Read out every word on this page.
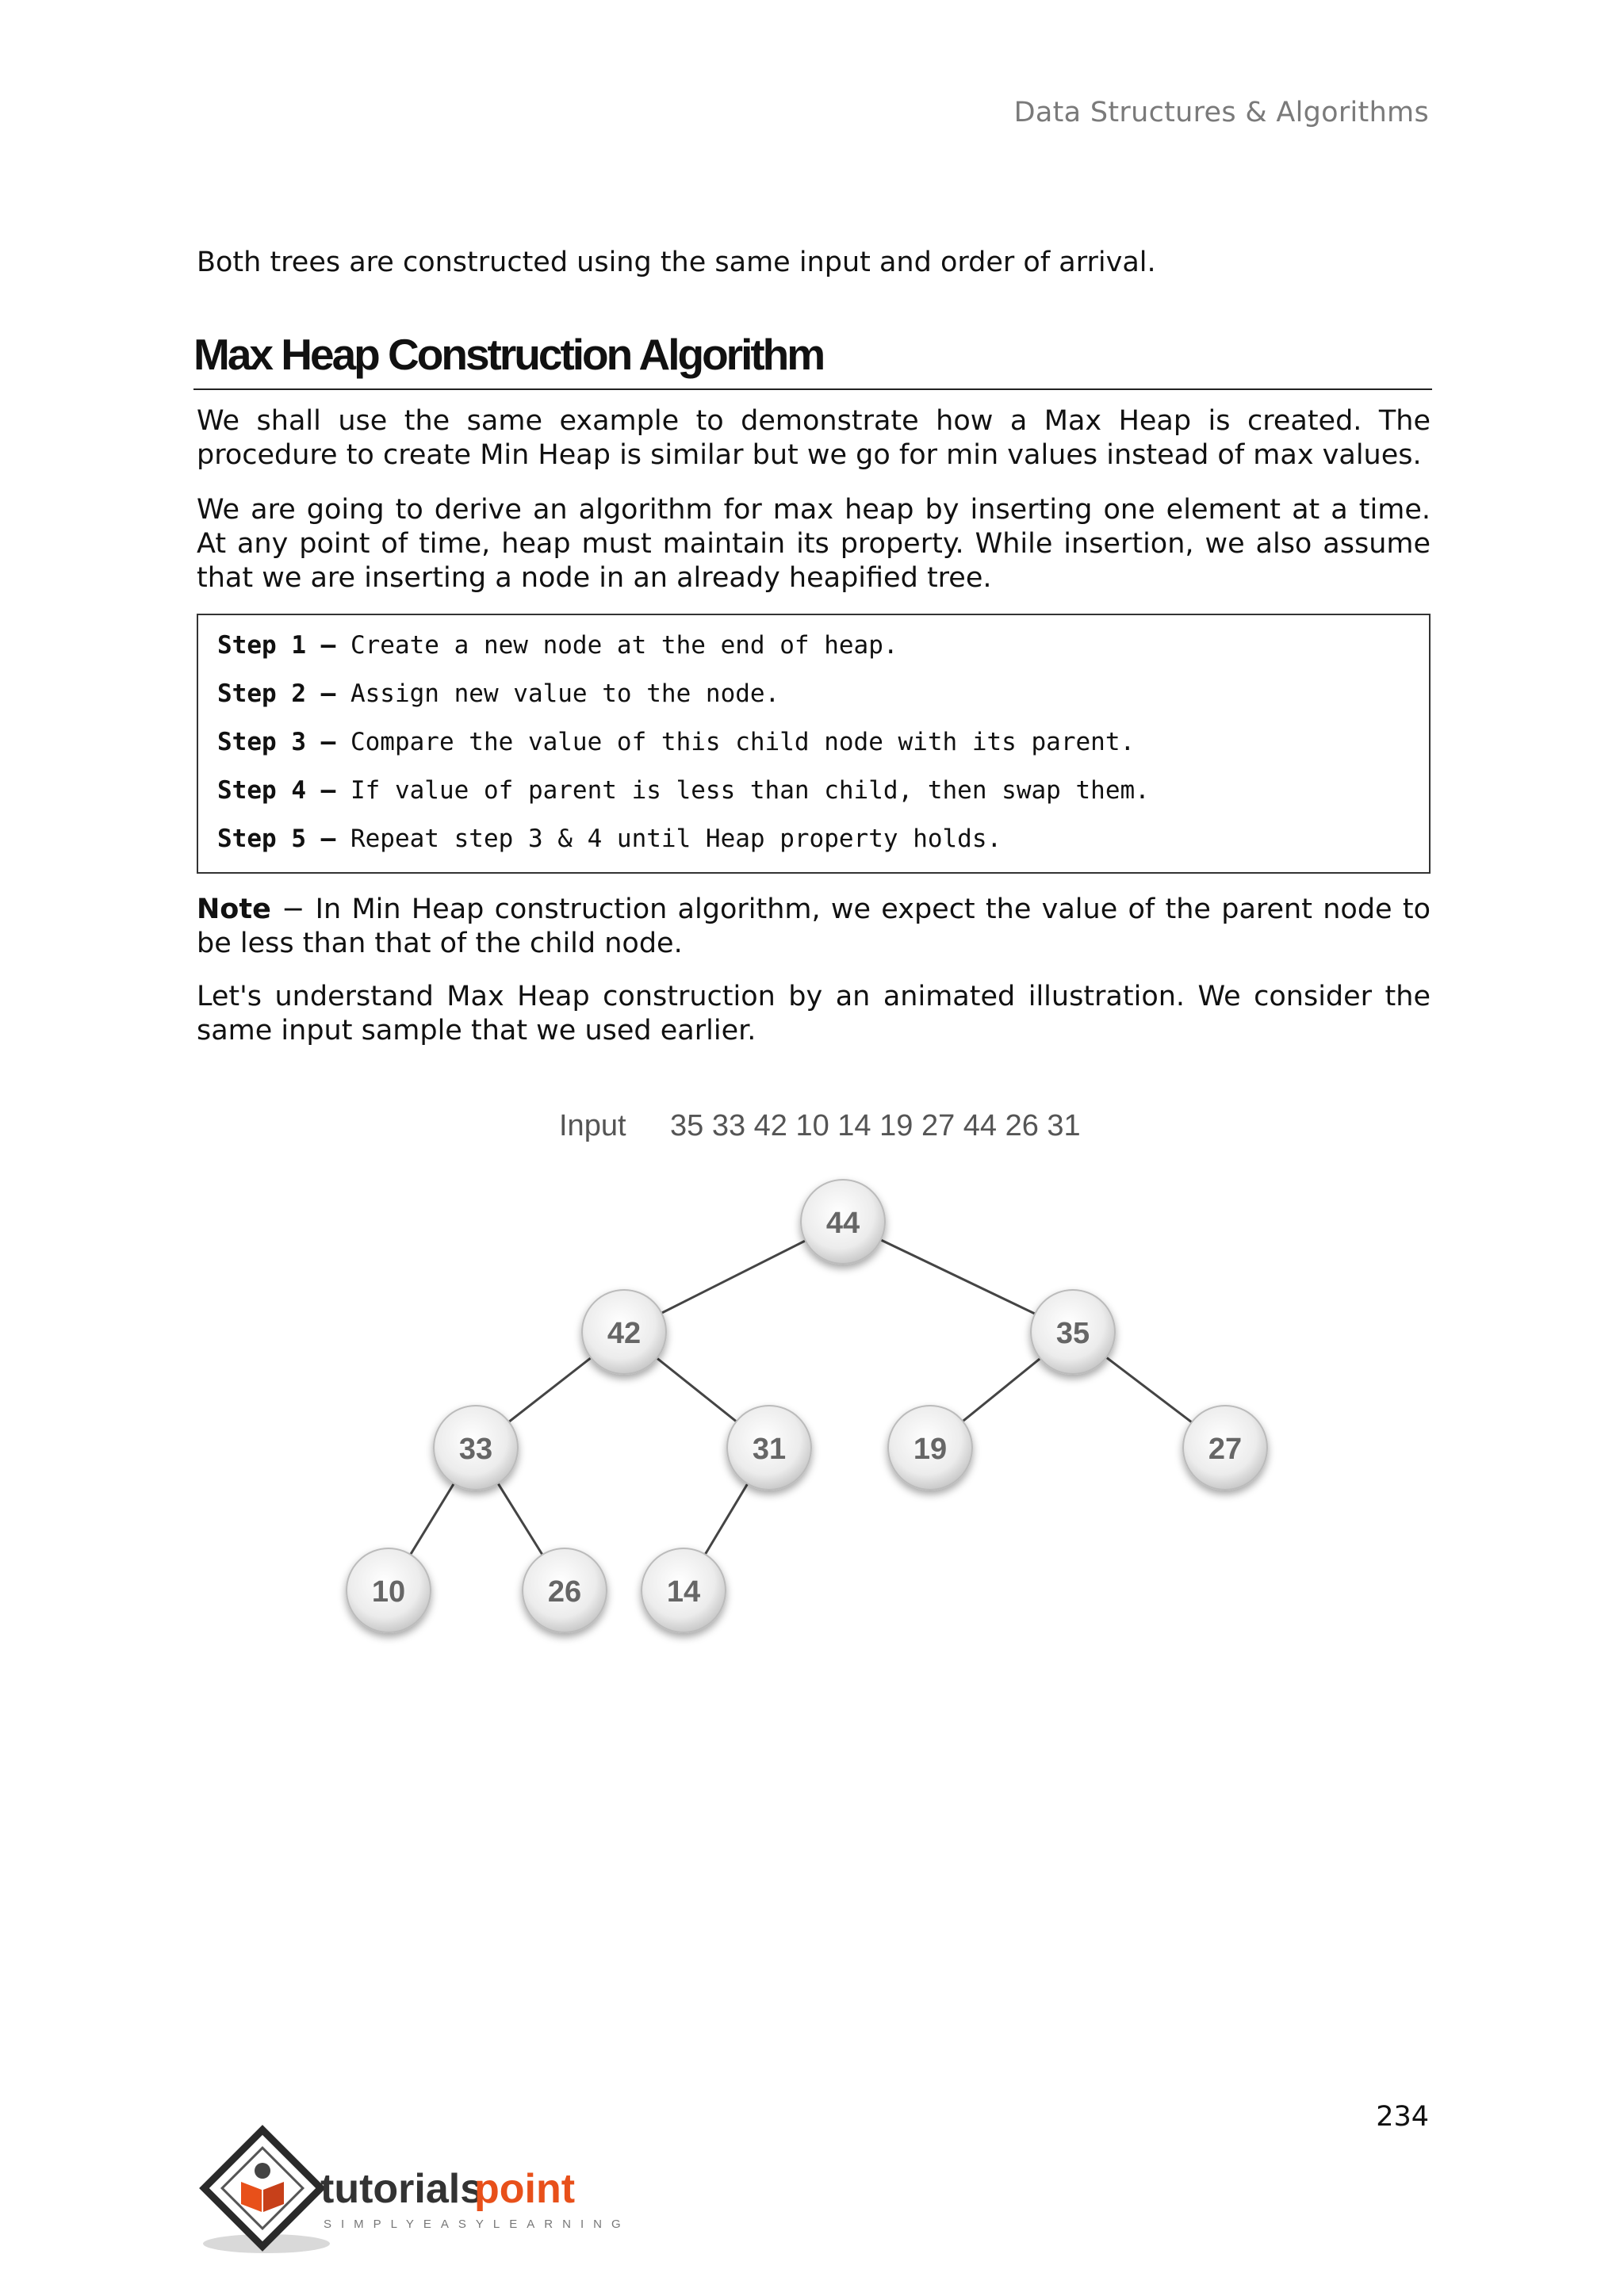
Data Structures & Algorithms

Both trees are constructed using the same input and order of arrival.

Max Heap Construction Algorithm

We shall use the same example to demonstrate how a Max Heap is created. The procedure to create Min Heap is similar but we go for min values instead of max values.

We are going to derive an algorithm for max heap by inserting one element at a time. At any point of time, heap must maintain its property. While insertion, we also assume that we are inserting a node in an already heapified tree.

Step 1 – Create a new node at the end of heap.
Step 2 – Assign new value to the node.
Step 3 – Compare the value of this child node with its parent.
Step 4 – If value of parent is less than child, then swap them.
Step 5 – Repeat step 3 & 4 until Heap property holds.

Note − In Min Heap construction algorithm, we expect the value of the parent node to be less than that of the child node.

Let's understand Max Heap construction by an animated illustration. We consider the same input sample that we used earlier.

Input 35 33 42 10 14 19 27 44 26 31
44
42	35
33	31	19	27
10	26	14
234
tutorials
point
SIMPLYEASYLEARNING
